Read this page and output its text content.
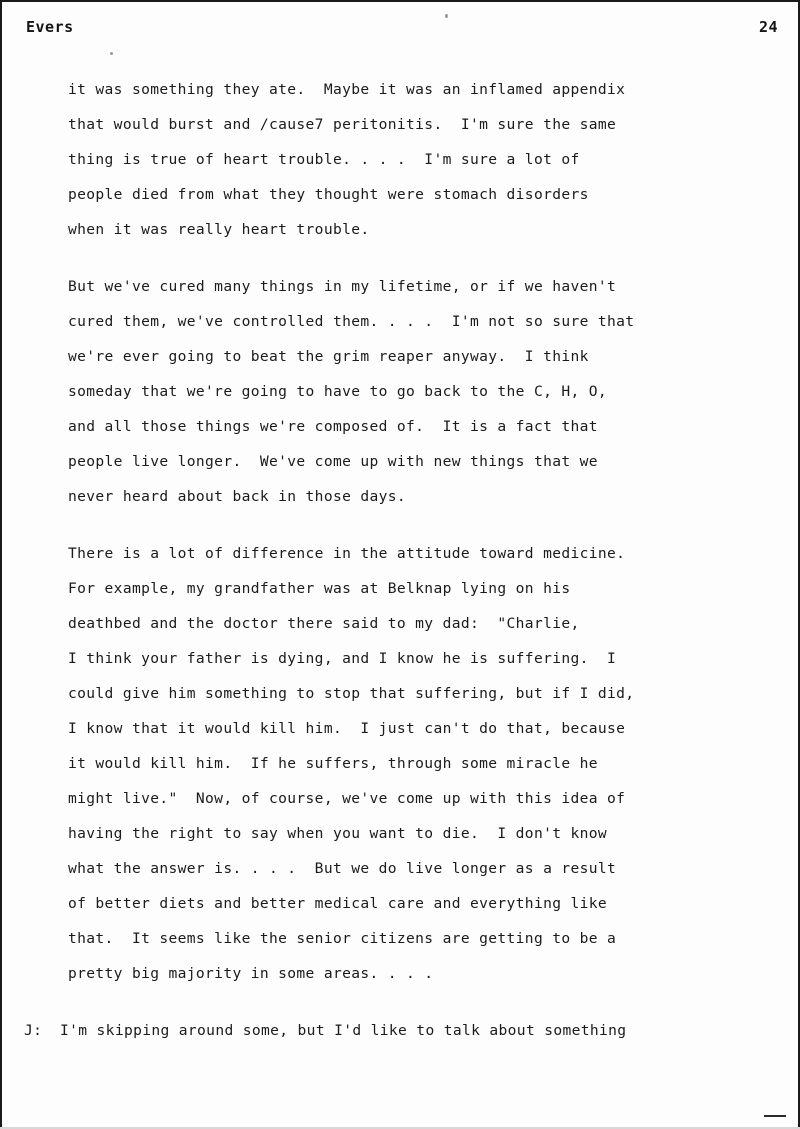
Evers	24

it was something they ate.  Maybe it was an inflamed appendix
that would burst and /cause7 peritonitis.  I'm sure the same
thing is true of heart trouble. . . .  I'm sure a lot of
people died from what they thought were stomach disorders
when it was really heart trouble.

But we've cured many things in my lifetime, or if we haven't
cured them, we've controlled them. . . .  I'm not so sure that
we're ever going to beat the grim reaper anyway.  I think
someday that we're going to have to go back to the C, H, O,
and all those things we're composed of.  It is a fact that
people live longer.  We've come up with new things that we
never heard about back in those days.

There is a lot of difference in the attitude toward medicine.
For example, my grandfather was at Belknap lying on his
deathbed and the doctor there said to my dad:  "Charlie,
I think your father is dying, and I know he is suffering.  I
could give him something to stop that suffering, but if I did,
I know that it would kill him.  I just can't do that, because
it would kill him.  If he suffers, through some miracle he
might live."  Now, of course, we've come up with this idea of
having the right to say when you want to die.  I don't know
what the answer is. . . .  But we do live longer as a result
of better diets and better medical care and everything like
that.  It seems like the senior citizens are getting to be a
pretty big majority in some areas. . . .

J:	I'm skipping around some, but I'd like to talk about something
